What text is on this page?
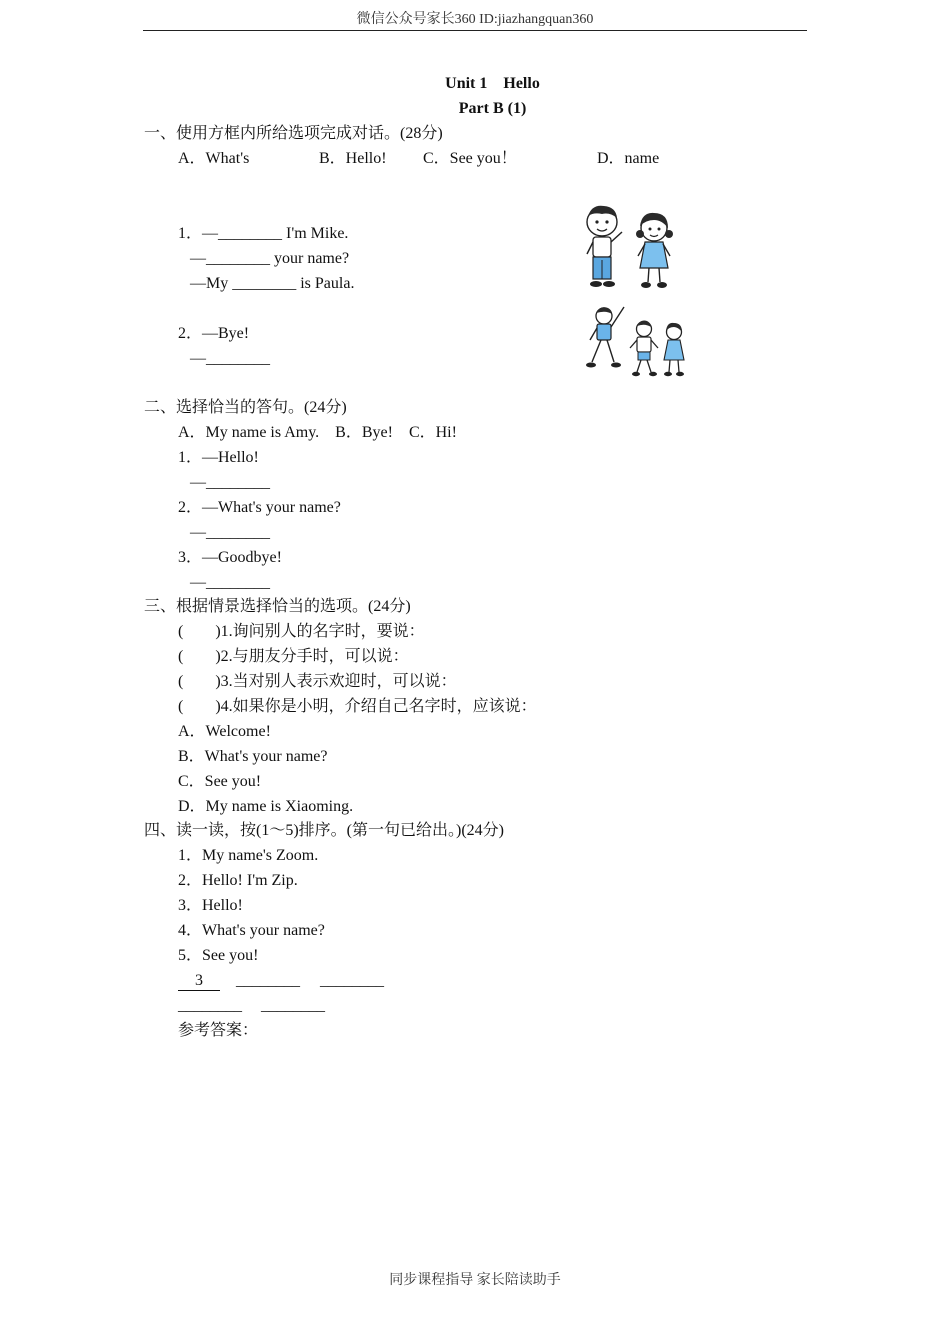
微信公众号家长360 ID:jiazhangquan360
Unit 1　Hello
Part B (1)
一、使用方框内所给选项完成对话。(28分)
A．What's	B．Hello! C．See you！	D．name
1．—________ I'm Mike.
—________ your name?
—My ________ is Paula.
2．—Bye!
—________
二、选择恰当的答句。(24分)
A．My name is Amy.　B．Bye!　C．Hi!
1．—Hello!
—________
2．—What's your name?
—________
3．—Goodbye!
—________
三、根据情景选择恰当的选项。(24分)
(　　)1.询问别人的名字时，要说：
(　　)2.与朋友分手时，可以说：
(　　)3.当对别人表示欢迎时，可以说：
(　　)4.如果你是小明，介绍自己名字时，应该说：
A．Welcome!
B．What's your name?
C．See you!
D．My name is Xiaoming.
四、读一读，按(1～5)排序。(第一句已给出。)(24分)
1．My name's Zoom.
2．Hello! I'm Zip.
3．Hello!
4．What's your name?
5．See you!
3	________ ________
________ ________
参考答案：
同步课程指导 家长陪读助手
